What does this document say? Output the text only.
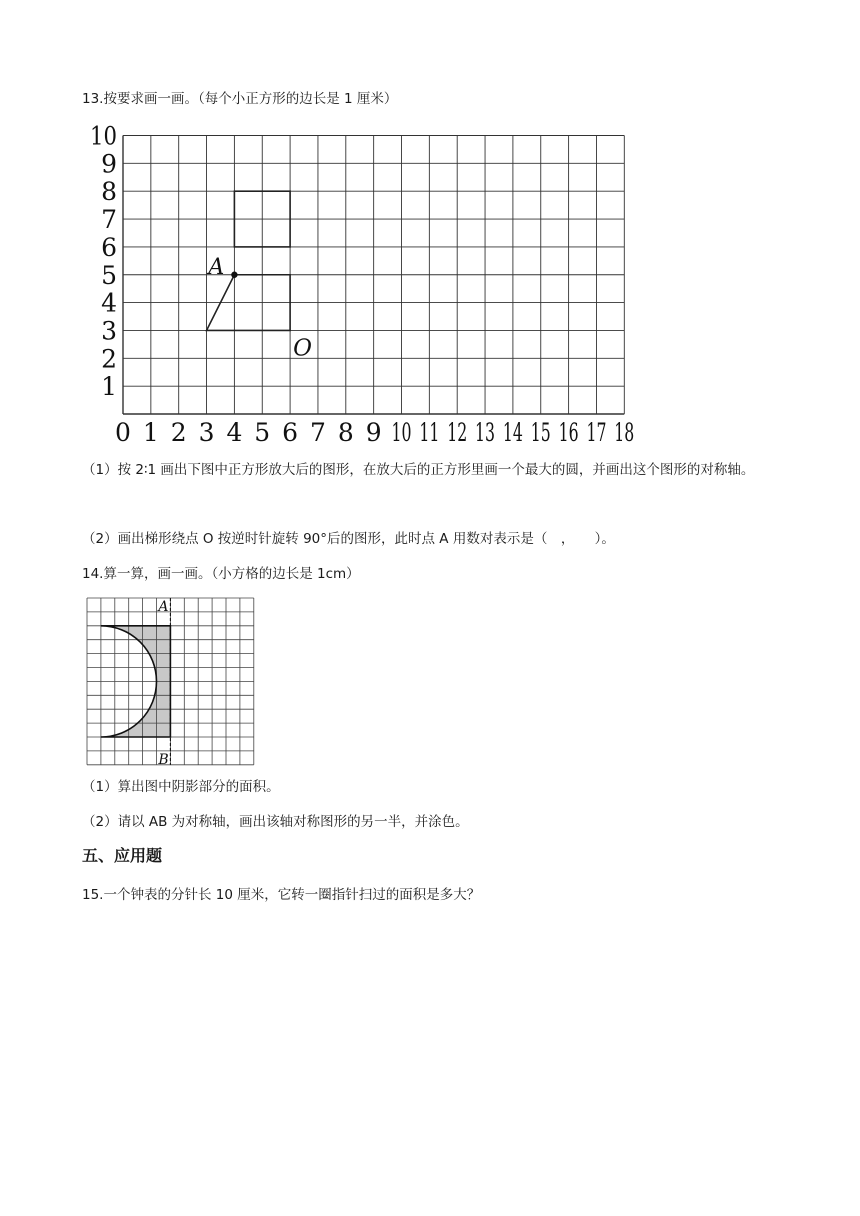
13.按要求画一画。（每个小正方形的边长是 1 厘米）
0 1 2 3 4 5 6 7 8 9 10 11 12 13 14 15 16 17 18
1
2
3
4
5
6
7
8
9
10
A
O
（1）按 2∶1 画出下图中正方形放大后的图形，在放大后的正方形里画一个最大的圆，并画出这个图形的对称轴。
（2）画出梯形绕点 O 按逆时针旋转 90°后的图形，此时点 A 用数对表示是（　，　　）。
14.算一算，画一画。（小方格的边长是 1cm）
A
B
（1）算出图中阴影部分的面积。
（2）请以 AB 为对称轴，画出该轴对称图形的另一半，并涂色。
五、应用题
15.一个钟表的分针长 10 厘米，它转一圈指针扫过的面积是多大？
